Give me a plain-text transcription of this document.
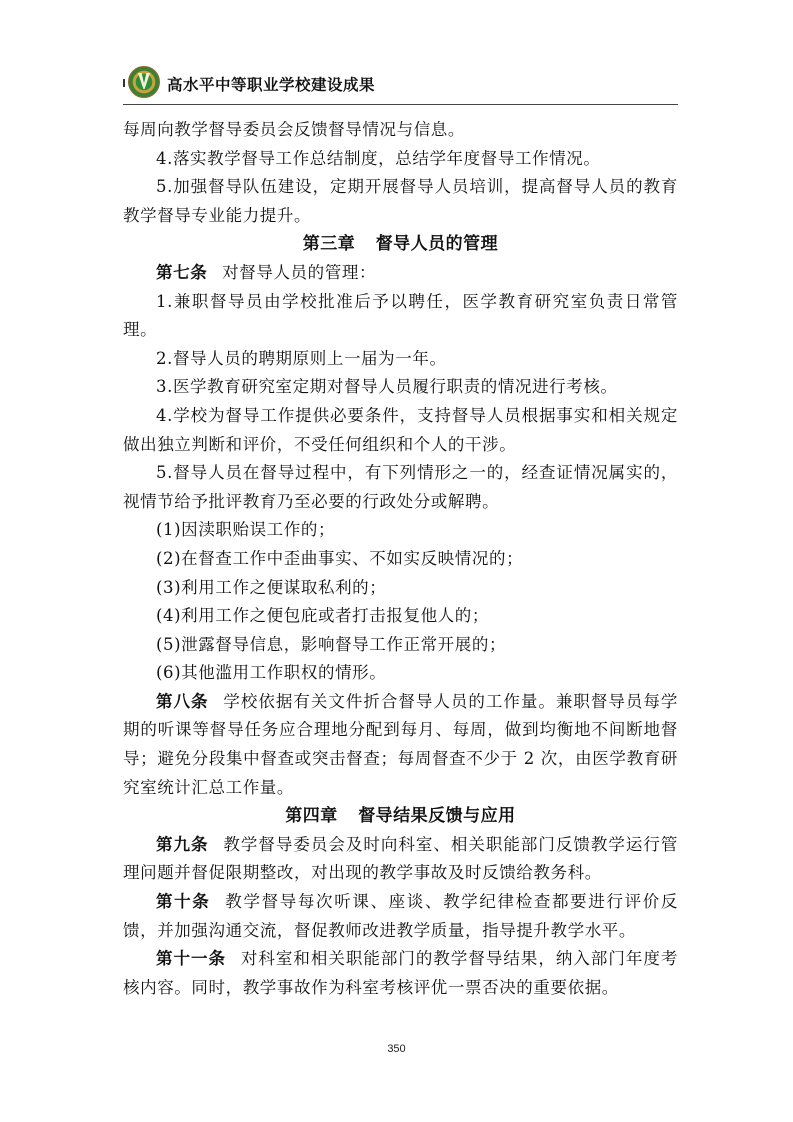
高水平中等职业学校建设成果

每周向教学督导委员会反馈督导情况与信息。

4.落实教学督导工作总结制度，总结学年度督导工作情况。

5.加强督导队伍建设，定期开展督导人员培训，提高督导人员的教育教学督导专业能力提升。

第三章 督导人员的管理

第七条 对督导人员的管理：

1.兼职督导员由学校批准后予以聘任，医学教育研究室负责日常管理。

2.督导人员的聘期原则上一届为一年。

3.医学教育研究室定期对督导人员履行职责的情况进行考核。

4.学校为督导工作提供必要条件，支持督导人员根据事实和相关规定做出独立判断和评价，不受任何组织和个人的干涉。

5.督导人员在督导过程中，有下列情形之一的，经查证情况属实的，视情节给予批评教育乃至必要的行政处分或解聘。

(1)因渎职贻误工作的；

(2)在督查工作中歪曲事实、不如实反映情况的；

(3)利用工作之便谋取私利的；

(4)利用工作之便包庇或者打击报复他人的；

(5)泄露督导信息，影响督导工作正常开展的；

(6)其他滥用工作职权的情形。

第八条 学校依据有关文件折合督导人员的工作量。兼职督导员每学期的听课等督导任务应合理地分配到每月、每周，做到均衡地不间断地督导；避免分段集中督查或突击督查；每周督查不少于 2 次，由医学教育研究室统计汇总工作量。

第四章 督导结果反馈与应用

第九条 教学督导委员会及时向科室、相关职能部门反馈教学运行管理问题并督促限期整改，对出现的教学事故及时反馈给教务科。

第十条 教学督导每次听课、座谈、教学纪律检查都要进行评价反馈，并加强沟通交流，督促教师改进教学质量，指导提升教学水平。

第十一条 对科室和相关职能部门的教学督导结果，纳入部门年度考核内容。同时，教学事故作为科室考核评优一票否决的重要依据。

350
